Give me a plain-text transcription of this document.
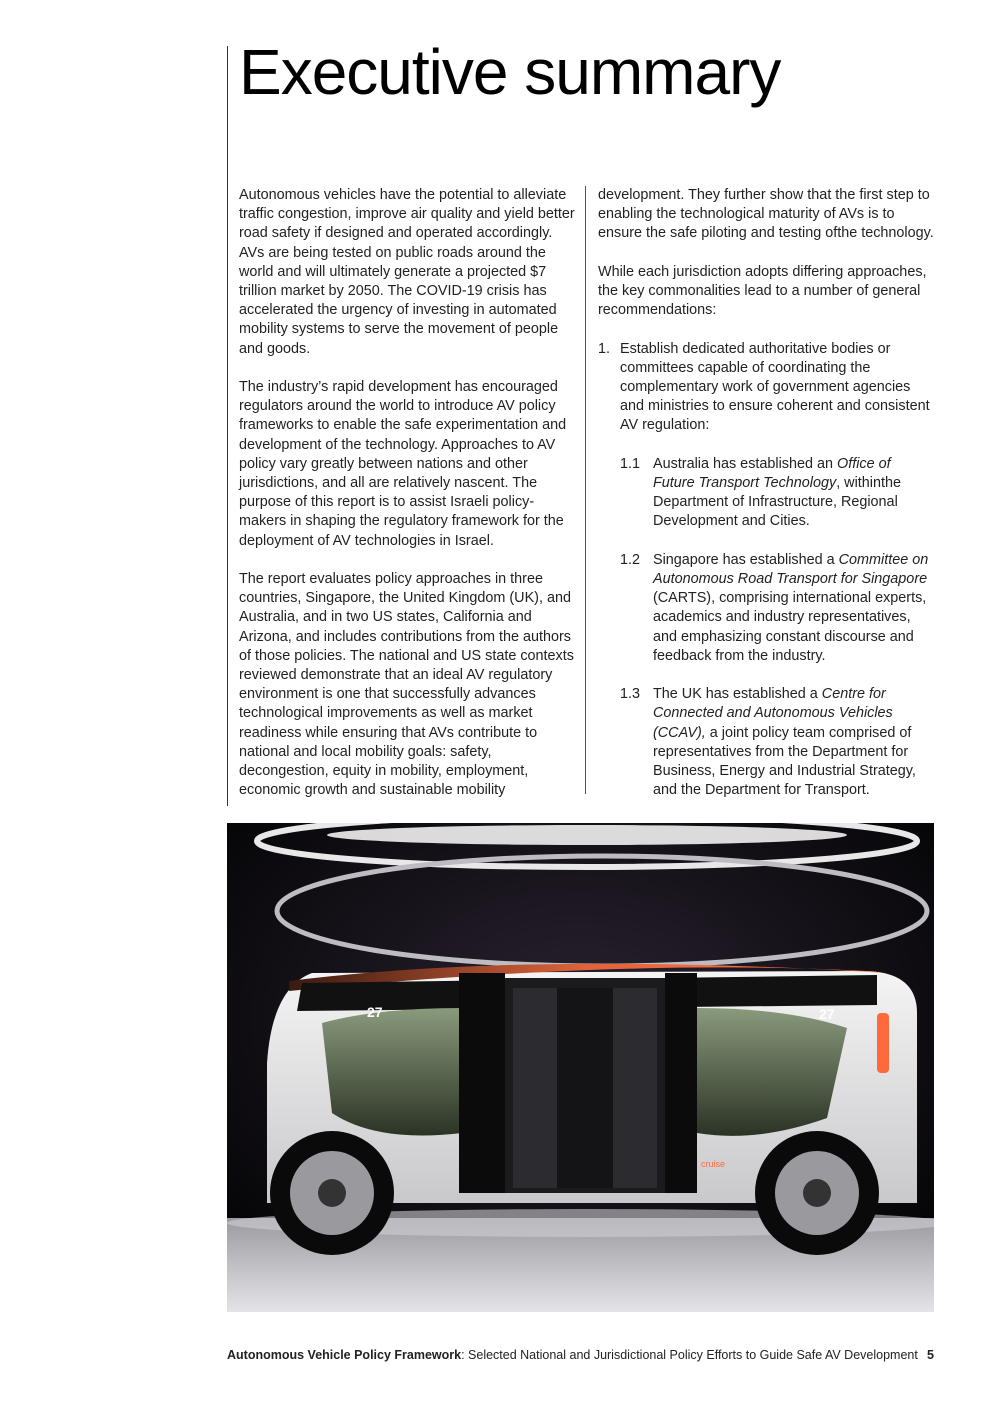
Executive summary

Autonomous vehicles have the potential to alleviate traffic congestion, improve air quality and yield better road safety if designed and operated accordingly. AVs are being tested on public roads around the world and will ultimately generate a projected $7 trillion market by 2050. The COVID-19 crisis has accelerated the urgency of investing in automated mobility systems to serve the movement of people and goods.

The industry’s rapid development has encouraged regulators around the world to introduce AV policy frameworks to enable the safe experimentation and development of the technology. Approaches to AV policy vary greatly between nations and other jurisdictions, and all are relatively nascent. The purpose of this report is to assist Israeli policy-makers in shaping the regulatory framework for the deployment of AV technologies in Israel.

The report evaluates policy approaches in three countries, Singapore, the United Kingdom (UK), and Australia, and in two US states, California and Arizona, and includes contributions from the authors of those policies. The national and US state contexts reviewed demonstrate that an ideal AV regulatory environment is one that successfully advances technological improvements as well as market readiness while ensuring that AVs contribute to national and local mobility goals: safety, decongestion, equity in mobility, employment, economic growth and sustainable mobility

development. They further show that the first step to enabling the technological maturity of AVs is to ensure the safe piloting and testing ofthe technology.

While each jurisdiction adopts differing approaches, the key commonalities lead to a number of general recommendations:

1. Establish dedicated authoritative bodies or committees capable of coordinating the complementary work of government agencies and ministries to ensure coherent and consistent AV regulation:
1.1 Australia has established an Office of Future Transport Technology, withinthe Department of Infrastructure, Regional Development and Cities.
1.2 Singapore has established a Committee on Autonomous Road Transport for Singapore (CARTS), comprising international experts, academics and industry representatives, and emphasizing constant discourse and feedback from the industry.
1.3 The UK has established a Centre for Connected and Autonomous Vehicles (CCAV), a joint policy team comprised of representatives from the Department for Business, Energy and Industrial Strategy, and the Department for Transport.
27	27
cruise
Autonomous Vehicle Policy Framework: Selected National and Jurisdictional Policy Efforts to Guide Safe AV Development 5
